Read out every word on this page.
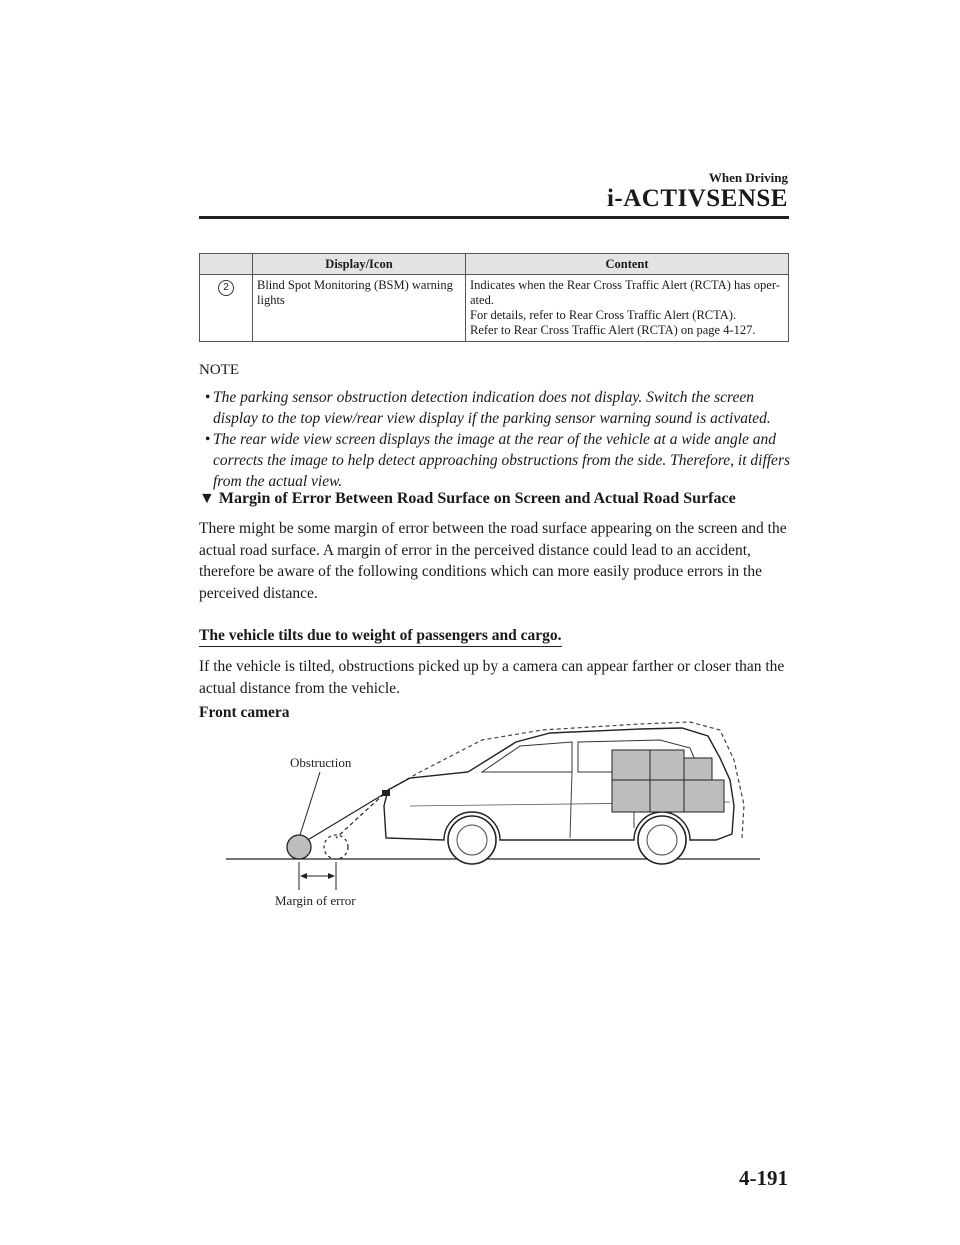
When Driving
i-ACTIVSENSE
	Display/Icon	Content
2	Blind Spot Monitoring (BSM) warning lights	Indicates when the Rear Cross Traffic Alert (RCTA) has oper-
ated.
For details, refer to Rear Cross Traffic Alert (RCTA).
Refer to Rear Cross Traffic Alert (RCTA) on page 4-127.
NOTE
• The parking sensor obstruction detection indication does not display. Switch the screen display to the top view/rear view display if the parking sensor warning sound is activated.
• The rear wide view screen displays the image at the rear of the vehicle at a wide angle and corrects the image to help detect approaching obstructions from the side. Therefore, it differs from the actual view.
▼ Margin of Error Between Road Surface on Screen and Actual Road Surface

There might be some margin of error between the road surface appearing on the screen and the actual road surface. A margin of error in the perceived distance could lead to an accident, therefore be aware of the following conditions which can more easily produce errors in the perceived distance.

The vehicle tilts due to weight of passengers and cargo.

If the vehicle is tilted, obstructions picked up by a camera can appear farther or closer than the actual distance from the vehicle.

Front camera
Obstruction
Margin of error
4-191
